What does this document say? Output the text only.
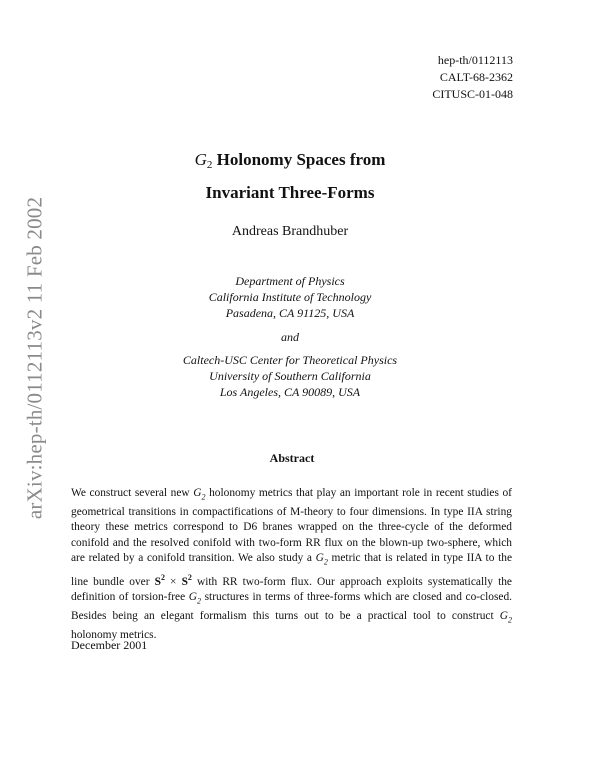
hep-th/0112113
CALT-68-2362
CITUSC-01-048
arXiv:hep-th/0112113v2 11 Feb 2002
$G_2$ Holonomy Spaces from
Invariant Three-Forms
Andreas Brandhuber
Department of Physics
California Institute of Technology
Pasadena, CA 91125, USA
and
Caltech-USC Center for Theoretical Physics
University of Southern California
Los Angeles, CA 90089, USA
Abstract

We construct several new $G_2$ holonomy metrics that play an important role in recent studies of geometrical transitions in compactifications of M-theory to four dimensions. In type IIA string theory these metrics correspond to D6 branes wrapped on the three-cycle of the deformed conifold and the resolved conifold with two-form RR flux on the blown-up two-sphere, which are related by a conifold transition. We also study a $G_2$ metric that is related in type IIA to the line bundle over $S^2 \times S^2$ with RR two-form flux. Our approach exploits systematically the definition of torsion-free $G_2$ structures in terms of three-forms which are closed and co-closed. Besides being an elegant formalism this turns out to be a practical tool to construct $G_2$ holonomy metrics.

December 2001
